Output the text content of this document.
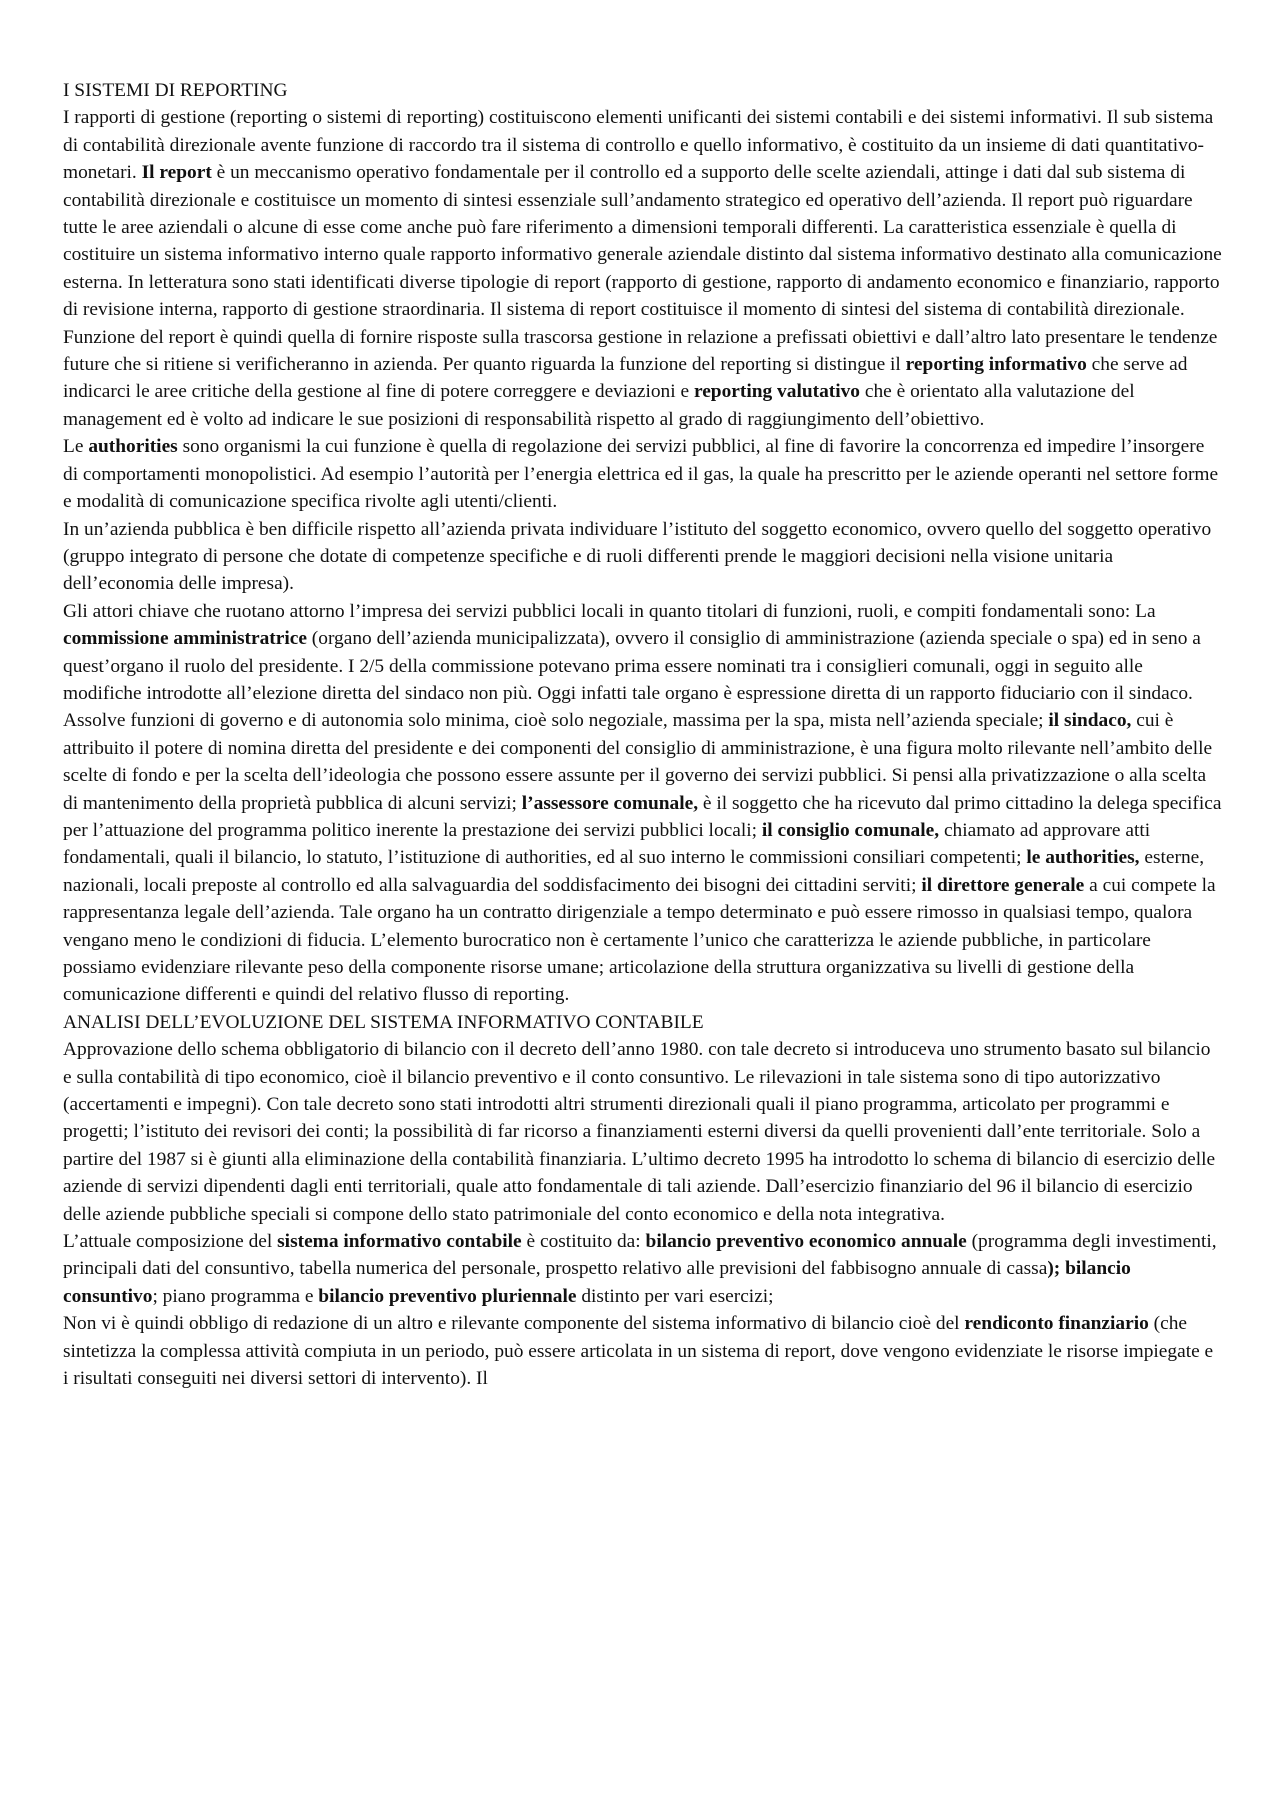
I SISTEMI DI REPORTING

I rapporti di gestione (reporting o sistemi di reporting) costituiscono elementi unificanti dei sistemi contabili e dei sistemi informativi. Il sub sistema di contabilità direzionale avente funzione di raccordo tra il sistema di controllo e quello informativo, è costituito da un insieme di dati quantitativo-monetari. Il report è un meccanismo operativo fondamentale per il controllo ed a supporto delle scelte aziendali, attinge i dati dal sub sistema di contabilità direzionale e costituisce un momento di sintesi essenziale sull’andamento strategico ed operativo dell’azienda. Il report può riguardare tutte le aree aziendali o alcune di esse come anche può fare riferimento a dimensioni temporali differenti. La caratteristica essenziale è quella di costituire un sistema informativo interno quale rapporto informativo generale aziendale distinto dal sistema informativo destinato alla comunicazione esterna. In letteratura sono stati identificati diverse tipologie di report (rapporto di gestione, rapporto di andamento economico e finanziario, rapporto di revisione interna, rapporto di gestione straordinaria. Il sistema di report costituisce il momento di sintesi del sistema di contabilità direzionale. Funzione del report è quindi quella di fornire risposte sulla trascorsa gestione in relazione a prefissati obiettivi e dall’altro lato presentare le tendenze future che si ritiene si verificheranno in azienda. Per quanto riguarda la funzione del reporting si distingue il reporting informativo che serve ad indicarci le aree critiche della gestione al fine di potere correggere e deviazioni e reporting valutativo che è orientato alla valutazione del management ed è volto ad indicare le sue posizioni di responsabilità rispetto al grado di raggiungimento dell’obiettivo.

Le authorities sono organismi la cui funzione è quella di regolazione dei servizi pubblici, al fine di favorire la concorrenza ed impedire l’insorgere di comportamenti monopolistici. Ad esempio l’autorità per l’energia elettrica ed il gas, la quale ha prescritto per le aziende operanti nel settore forme e modalità di comunicazione specifica rivolte agli utenti/clienti.

In un’azienda pubblica è ben difficile rispetto all’azienda privata individuare l’istituto del soggetto economico, ovvero quello del soggetto operativo (gruppo integrato di persone che dotate di competenze specifiche e di ruoli differenti prende le maggiori decisioni nella visione unitaria dell’economia delle impresa).

Gli attori chiave che ruotano attorno l’impresa dei servizi pubblici locali in quanto titolari di funzioni, ruoli, e compiti fondamentali sono: La commissione amministratrice (organo dell’azienda municipalizzata), ovvero il consiglio di amministrazione (azienda speciale o spa) ed in seno a quest’organo il ruolo del presidente. I 2/5 della commissione potevano prima essere nominati tra i consiglieri comunali, oggi in seguito alle modifiche introdotte all’elezione diretta del sindaco non più. Oggi infatti tale organo è espressione diretta di un rapporto fiduciario con il sindaco. Assolve funzioni di governo e di autonomia solo minima, cioè solo negoziale, massima per la spa, mista nell’azienda speciale; il sindaco, cui è attribuito il potere di nomina diretta del presidente e dei componenti del consiglio di amministrazione, è una figura molto rilevante nell’ambito delle scelte di fondo e per la scelta dell’ideologia che possono essere assunte per il governo dei servizi pubblici. Si pensi alla privatizzazione o alla scelta di mantenimento della proprietà pubblica di alcuni servizi; l’assessore comunale, è il soggetto che ha ricevuto dal primo cittadino la delega specifica per l’attuazione del programma politico inerente la prestazione dei servizi pubblici locali; il consiglio comunale, chiamato ad approvare atti fondamentali, quali il bilancio, lo statuto, l’istituzione di authorities, ed al suo interno le commissioni consiliari competenti; le authorities, esterne, nazionali, locali preposte al controllo ed alla salvaguardia del soddisfacimento dei bisogni dei cittadini serviti; il direttore generale a cui compete la rappresentanza legale dell’azienda. Tale organo ha un contratto dirigenziale a tempo determinato e può essere rimosso in qualsiasi tempo, qualora vengano meno le condizioni di fiducia. L’elemento burocratico non è certamente l’unico che caratterizza le aziende pubbliche, in particolare possiamo evidenziare rilevante peso della componente risorse umane; articolazione della struttura organizzativa su livelli di gestione della comunicazione differenti e quindi del relativo flusso di reporting.

ANALISI DELL’EVOLUZIONE DEL SISTEMA INFORMATIVO CONTABILE

Approvazione dello schema obbligatorio di bilancio con il decreto dell’anno 1980. con tale decreto si introduceva uno strumento basato sul bilancio e sulla contabilità di tipo economico, cioè il bilancio preventivo e il conto consuntivo. Le rilevazioni in tale sistema sono di tipo autorizzativo (accertamenti e impegni). Con tale decreto sono stati introdotti altri strumenti direzionali quali il piano programma, articolato per programmi e progetti; l’istituto dei revisori dei conti; la possibilità di far ricorso a finanziamenti esterni diversi da quelli provenienti dall’ente territoriale. Solo a partire del 1987 si è giunti alla eliminazione della contabilità finanziaria. L’ultimo decreto 1995 ha introdotto lo schema di bilancio di esercizio delle aziende di servizi dipendenti dagli enti territoriali, quale atto fondamentale di tali aziende. Dall’esercizio finanziario del 96 il bilancio di esercizio delle aziende pubbliche speciali si compone dello stato patrimoniale del conto economico e della nota integrativa.

L’attuale composizione del sistema informativo contabile è costituito da: bilancio preventivo economico annuale (programma degli investimenti, principali dati del consuntivo, tabella numerica del personale, prospetto relativo alle previsioni del fabbisogno annuale di cassa); bilancio consuntivo; piano programma e bilancio preventivo pluriennale distinto per vari esercizi;

Non vi è quindi obbligo di redazione di un altro e rilevante componente del sistema informativo di bilancio cioè del rendiconto finanziario (che sintetizza la complessa attività compiuta in un periodo, può essere articolata in un sistema di report, dove vengono evidenziate le risorse impiegate e i risultati conseguiti nei diversi settori di intervento). Il
